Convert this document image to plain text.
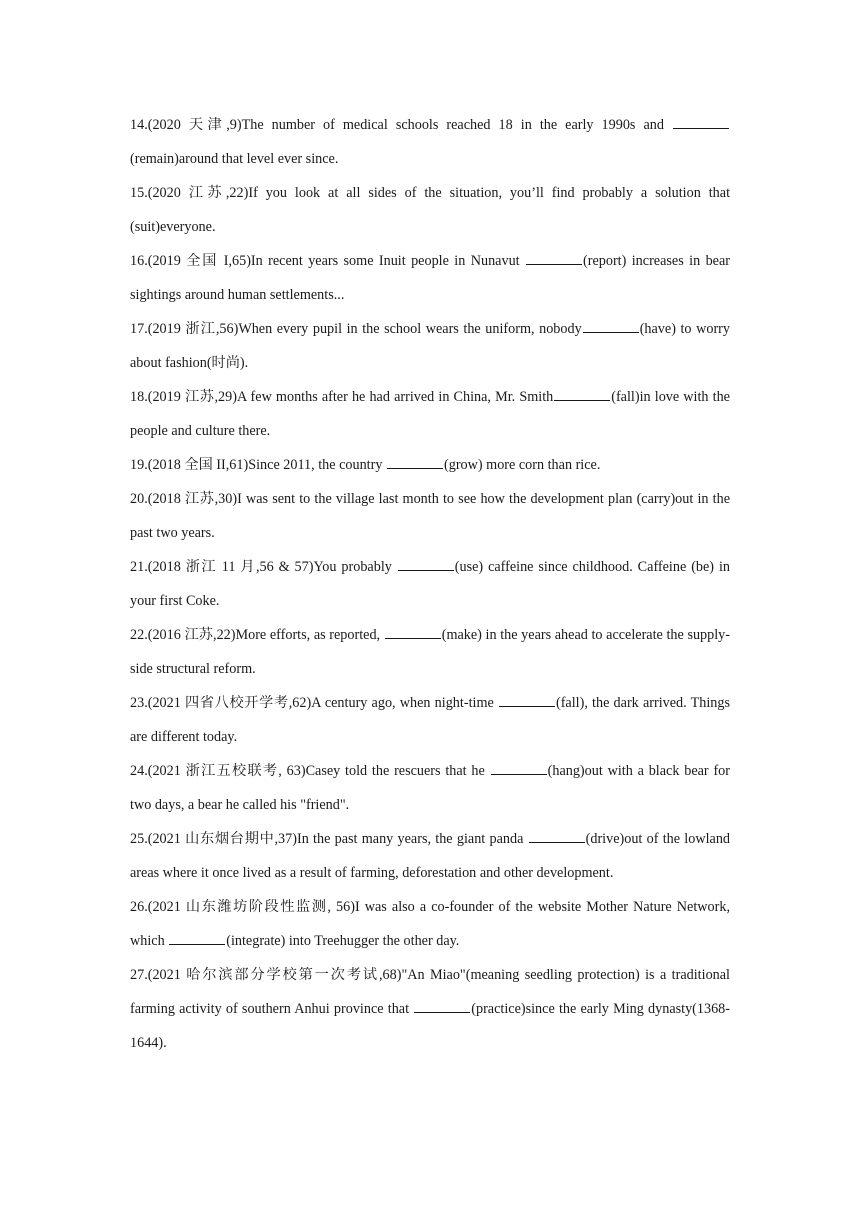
14.(2020 天津,9)The number of medical schools reached 18 in the early 1990s and (remain)around that level ever since.

15.(2020 江苏,22)If you look at all sides of the situation, you’ll find probably a solution that (suit)everyone.

16.(2019 全国 I,65)In recent years some Inuit people in Nunavut	(report) increases in bear sightings around human settlements...

17.(2019 浙江,56)When every pupil in the school wears the uniform, nobody	(have) to worry about fashion(时尚).

18.(2019 江苏,29)A few months after he had arrived in China, Mr. Smith	(fall)in love with the people and culture there.

19.(2018 全国 II,61)Since 2011, the country	(grow) more corn than rice.

20.(2018 江苏,30)I was sent to the village last month to see how the development plan (carry)out in the past two years.

21.(2018 浙江 11 月,56 & 57)You probably	(use) caffeine since childhood. Caffeine (be) in your first Coke.

22.(2016 江苏,22)More efforts, as reported,	(make) in the years ahead to accelerate the supply-side structural reform.

23.(2021 四省八校开学考,62)A century ago, when night-time	(fall), the dark arrived. Things are different today.

24.(2021 浙江五校联考, 63)Casey told the rescuers that he	(hang)out with a black bear for two days, a bear he called his "friend".

25.(2021 山东烟台期中,37)In the past many years, the giant panda	(drive)out of the lowland areas where it once lived as a result of farming, deforestation and other development.

26.(2021 山东潍坊阶段性监测, 56)I was also a co-founder of the website Mother Nature Network, which	(integrate) into Treehugger the other day.

27.(2021 哈尔滨部分学校第一次考试,68)"An Miao"(meaning seedling protection) is a traditional farming activity of southern Anhui province that	(practice)since the early Ming dynasty(1368-1644).
